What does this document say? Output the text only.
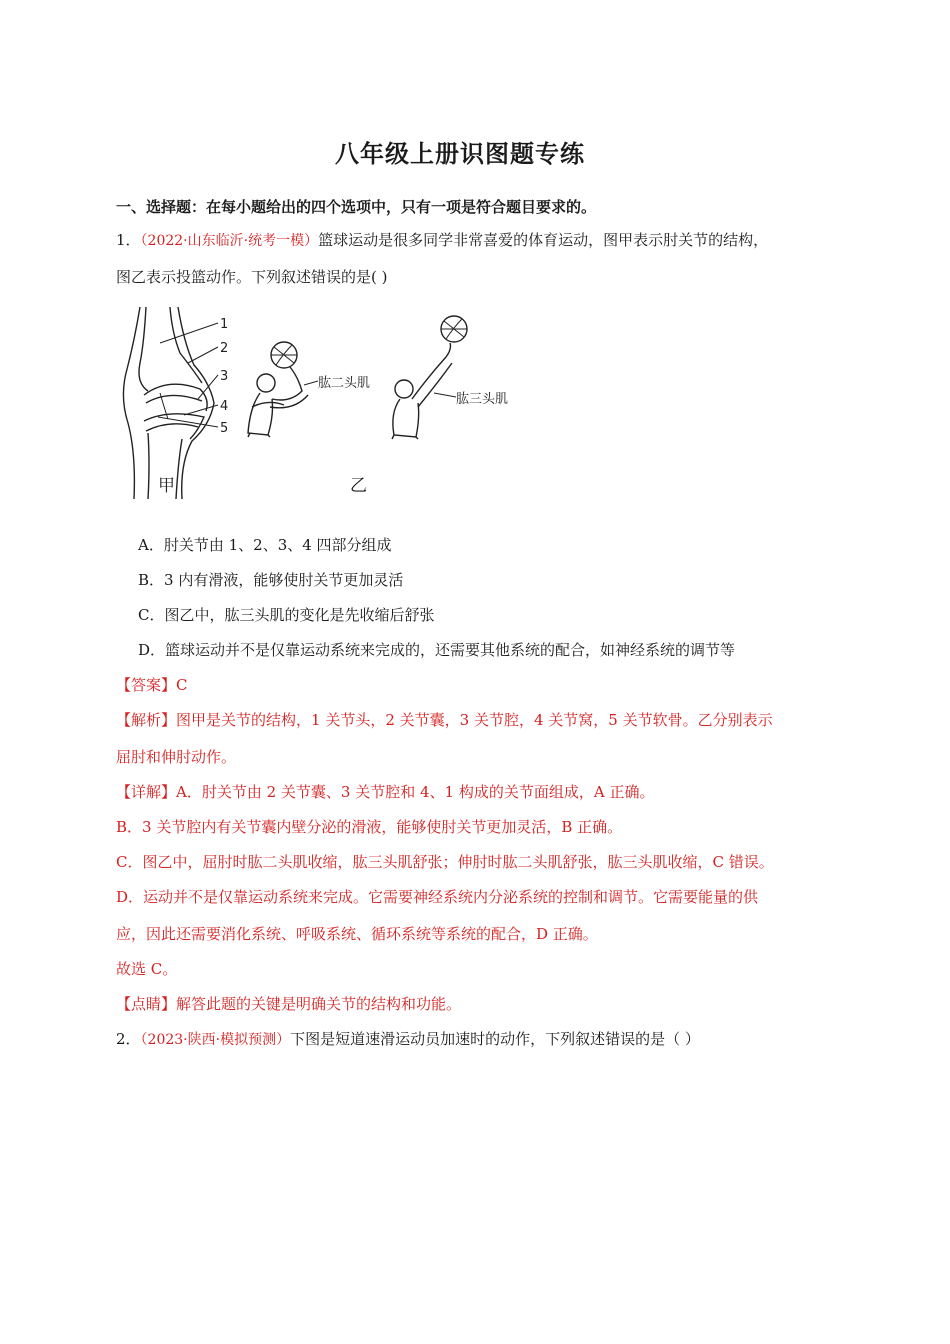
八年级上册识图题专练
一、选择题：在每小题给出的四个选项中，只有一项是符合题目要求的。
1．（2022·山东临沂·统考一模）篮球运动是很多同学非常喜爱的体育运动，图甲表示肘关节的结构，
图乙表示投篮动作。下列叙述错误的是( )
1
2
3
4
5
甲
肱二头肌
肱三头肌
乙
A．肘关节由 1、2、3、4 四部分组成
B．3 内有滑液，能够使肘关节更加灵活
C．图乙中，肱三头肌的变化是先收缩后舒张
D．篮球运动并不是仅靠运动系统来完成的，还需要其他系统的配合，如神经系统的调节等
【答案】C
【解析】图甲是关节的结构，1 关节头，2 关节囊，3 关节腔，4 关节窝，5 关节软骨。乙分别表示
屈肘和伸肘动作。
【详解】A．肘关节由 2 关节囊、3 关节腔和 4、1 构成的关节面组成，A 正确。
B．3 关节腔内有关节囊内壁分泌的滑液，能够使肘关节更加灵活，B 正确。
C．图乙中，屈肘时肱二头肌收缩，肱三头肌舒张；伸肘时肱二头肌舒张，肱三头肌收缩，C 错误。
D．运动并不是仅靠运动系统来完成。它需要神经系统内分泌系统的控制和调节。它需要能量的供
应，因此还需要消化系统、呼吸系统、循环系统等系统的配合，D 正确。
故选 C。
【点睛】解答此题的关键是明确关节的结构和功能。
2．（2023·陕西·模拟预测）下图是短道速滑运动员加速时的动作，下列叙述错误的是（ ）
